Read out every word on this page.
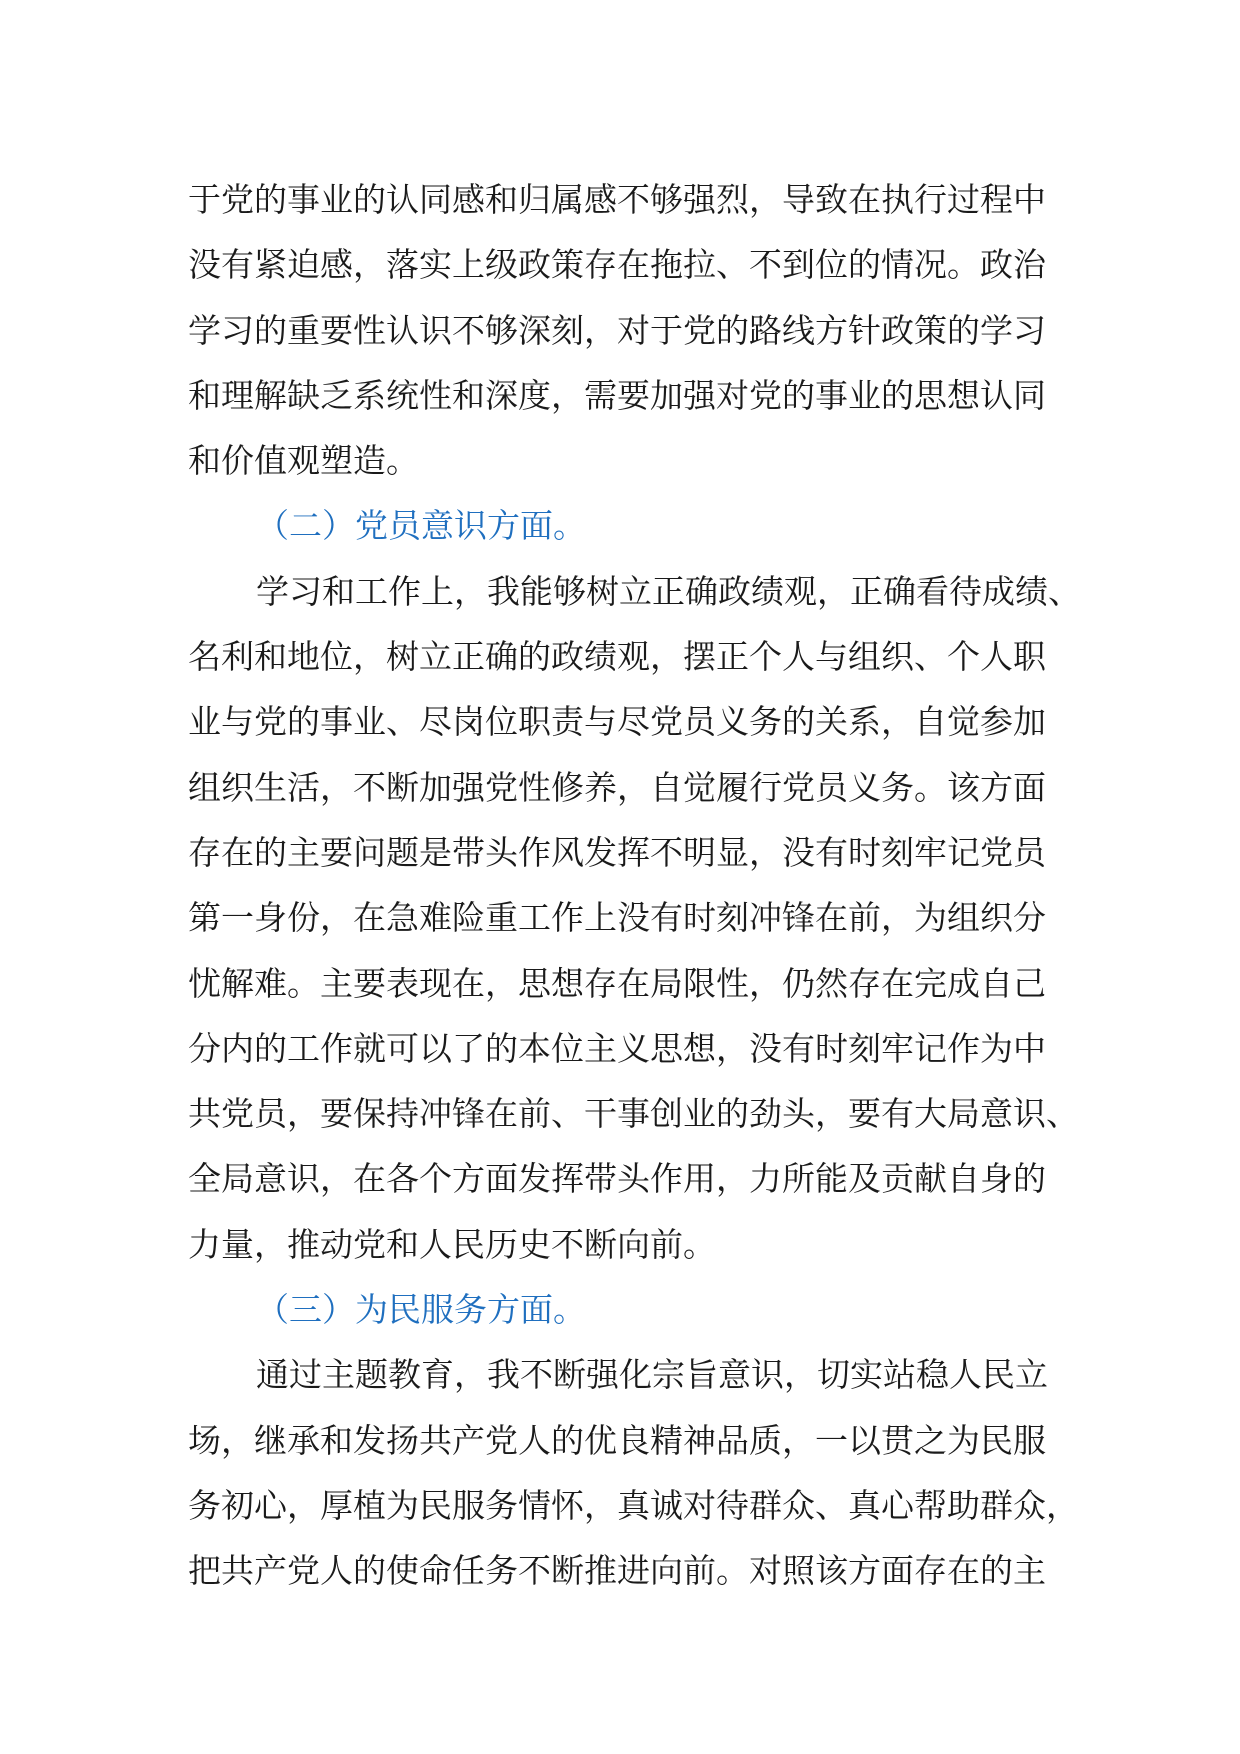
于党的事业的认同感和归属感不够强烈，导致在执行过程中
没有紧迫感，落实上级政策存在拖拉、不到位的情况。政治
学习的重要性认识不够深刻，对于党的路线方针政策的学习
和理解缺乏系统性和深度，需要加强对党的事业的思想认同
和价值观塑造。
（二）党员意识方面。
学习和工作上，我能够树立正确政绩观，正确看待成绩、
名利和地位，树立正确的政绩观，摆正个人与组织、个人职
业与党的事业、尽岗位职责与尽党员义务的关系，自觉参加
组织生活，不断加强党性修养，自觉履行党员义务。该方面
存在的主要问题是带头作风发挥不明显，没有时刻牢记党员
第一身份，在急难险重工作上没有时刻冲锋在前，为组织分
忧解难。主要表现在，思想存在局限性，仍然存在完成自己
分内的工作就可以了的本位主义思想，没有时刻牢记作为中
共党员，要保持冲锋在前、干事创业的劲头，要有大局意识、
全局意识，在各个方面发挥带头作用，力所能及贡献自身的
力量，推动党和人民历史不断向前。
（三）为民服务方面。
通过主题教育，我不断强化宗旨意识，切实站稳人民立
场，继承和发扬共产党人的优良精神品质，一以贯之为民服
务初心，厚植为民服务情怀，真诚对待群众、真心帮助群众，
把共产党人的使命任务不断推进向前。对照该方面存在的主
